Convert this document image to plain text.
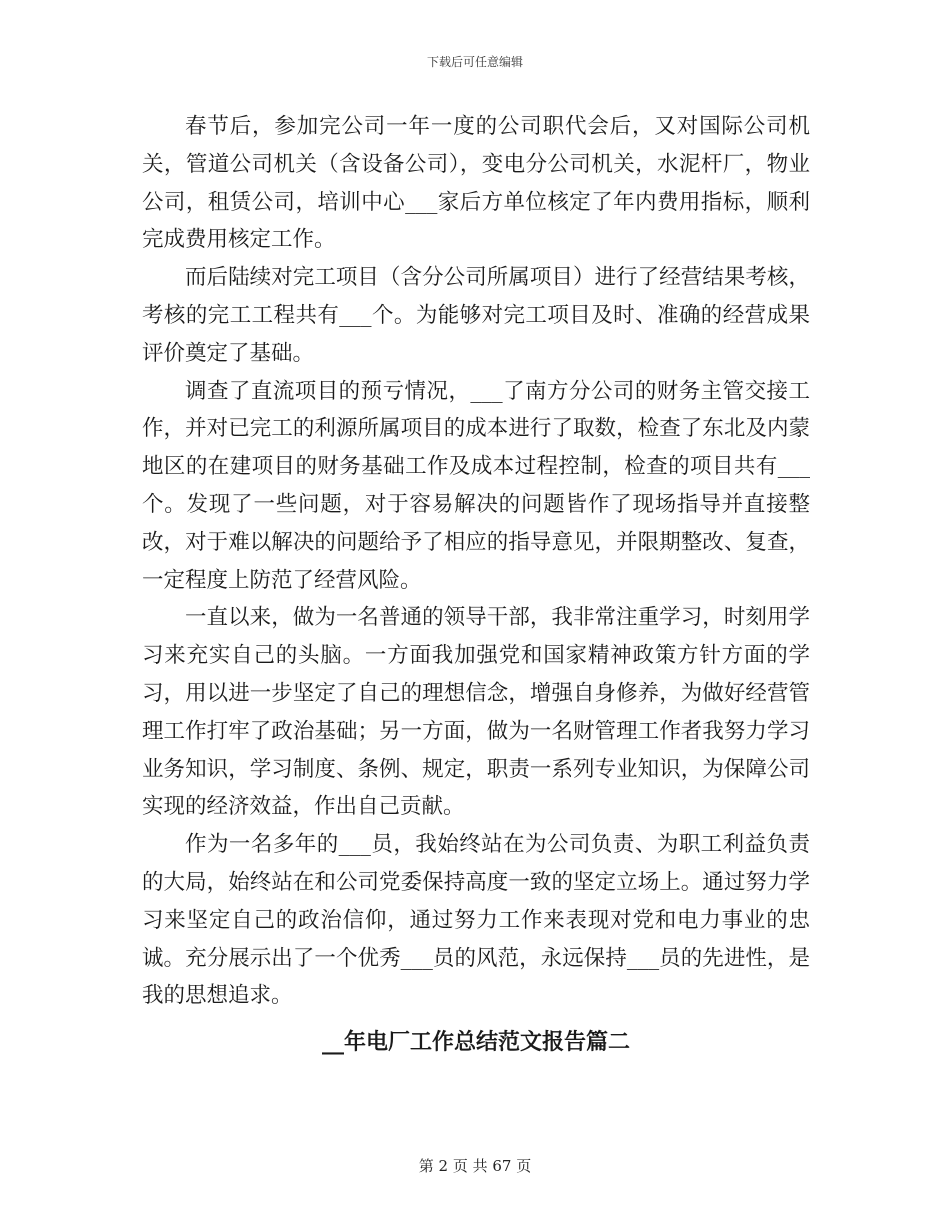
下载后可任意编辑

春节后，参加完公司一年一度的公司职代会后，又对国际公司机关，管道公司机关（含设备公司），变电分公司机关，水泥杆厂，物业公司，租赁公司，培训中心___家后方单位核定了年内费用指标，顺利完成费用核定工作。

而后陆续对完工项目（含分公司所属项目）进行了经营结果考核，考核的完工工程共有___个。为能够对完工项目及时、准确的经营成果评价奠定了基础。

调查了直流项目的预亏情况，___了南方分公司的财务主管交接工作，并对已完工的利源所属项目的成本进行了取数，检查了东北及内蒙地区的在建项目的财务基础工作及成本过程控制，检查的项目共有___个。发现了一些问题，对于容易解决的问题皆作了现场指导并直接整改，对于难以解决的问题给予了相应的指导意见，并限期整改、复查，一定程度上防范了经营风险。

一直以来，做为一名普通的领导干部，我非常注重学习，时刻用学习来充实自己的头脑。一方面我加强党和国家精神政策方针方面的学习，用以进一步坚定了自己的理想信念，增强自身修养，为做好经营管理工作打牢了政治基础；另一方面，做为一名财管理工作者我努力学习业务知识，学习制度、条例、规定，职责一系列专业知识，为保障公司实现的经济效益，作出自己贡献。

作为一名多年的___员，我始终站在为公司负责、为职工利益负责的大局，始终站在和公司党委保持高度一致的坚定立场上。通过努力学习来坚定自己的政治信仰，通过努力工作来表现对党和电力事业的忠诚。充分展示出了一个优秀___员的风范，永远保持___员的先进性，是我的思想追求。

__年电厂工作总结范文报告篇二
第 2 页 共 67 页
